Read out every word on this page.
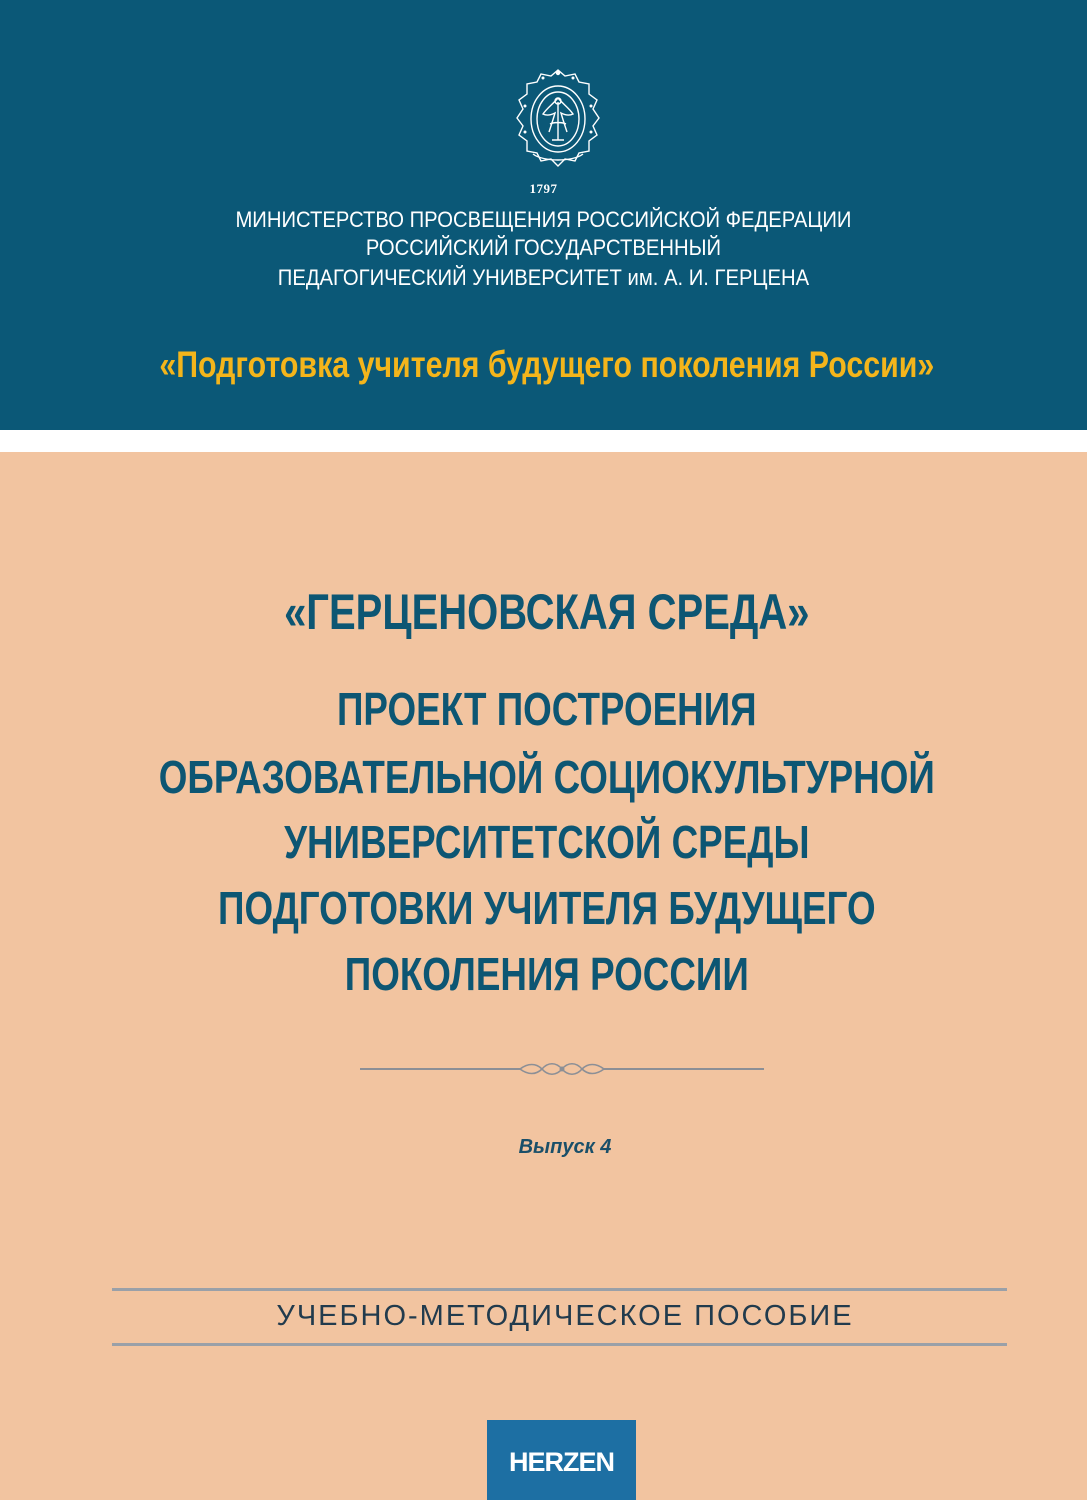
1797
МИНИСТЕРСТВО ПРОСВЕЩЕНИЯ РОССИЙСКОЙ ФЕДЕРАЦИИ
РОССИЙСКИЙ ГОСУДАРСТВЕННЫЙ
ПЕДАГОГИЧЕСКИЙ УНИВЕРСИТЕТ им. А. И. ГЕРЦЕНА
«Подготовка учителя будущего поколения России»
«ГЕРЦЕНОВСКАЯ СРЕДА»
ПРОЕКТ ПОСТРОЕНИЯ
ОБРАЗОВАТЕЛЬНОЙ СОЦИОКУЛЬТУРНОЙ
УНИВЕРСИТЕТСКОЙ СРЕДЫ
ПОДГОТОВКИ УЧИТЕЛЯ БУДУЩЕГО
ПОКОЛЕНИЯ РОССИИ
Выпуск 4
УЧЕБНО-МЕТОДИЧЕСКОЕ ПОСОБИЕ
HERZEN
